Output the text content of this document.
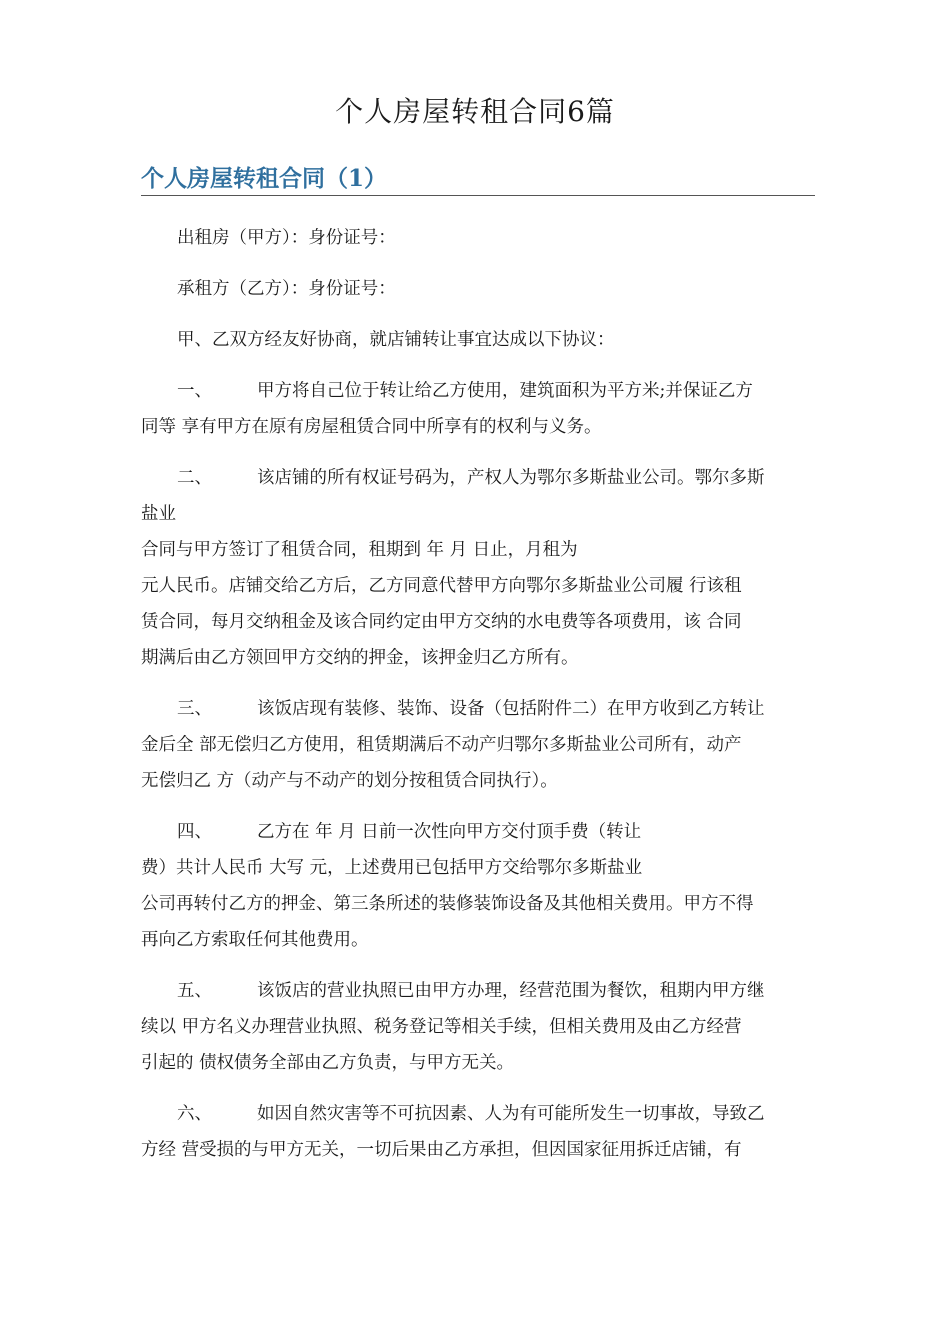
个人房屋转租合同6篇
个人房屋转租合同（1）
出租房（甲方）：身份证号：
承租方（乙方）：身份证号：
甲、乙双方经友好协商，就店铺转让事宜达成以下协议：
一、	甲方将自己位于转让给乙方使用，建筑面积为平方米;并保证乙方
同等 享有甲方在原有房屋租赁合同中所享有的权利与义务。
二、	该店铺的所有权证号码为，产权人为鄂尔多斯盐业公司。鄂尔多斯
盐业
合同与甲方签订了租赁合同，租期到 年 月 日止，月租为
元人民币。店铺交给乙方后，乙方同意代替甲方向鄂尔多斯盐业公司履 行该租
赁合同，每月交纳租金及该合同约定由甲方交纳的水电费等各项费用，该 合同
期满后由乙方领回甲方交纳的押金，该押金归乙方所有。
三、	该饭店现有装修、装饰、设备（包括附件二）在甲方收到乙方转让
金后全 部无偿归乙方使用，租赁期满后不动产归鄂尔多斯盐业公司所有，动产
无偿归乙 方（动产与不动产的划分按租赁合同执行）。
四、	乙方在 年 月 日前一次性向甲方交付顶手费（转让
费）共计人民币 大写 元，上述费用已包括甲方交给鄂尔多斯盐业
公司再转付乙方的押金、第三条所述的装修装饰设备及其他相关费用。甲方不得
再向乙方索取任何其他费用。
五、	该饭店的营业执照已由甲方办理，经营范围为餐饮，租期内甲方继
续以 甲方名义办理营业执照、税务登记等相关手续，但相关费用及由乙方经营
引起的 债权债务全部由乙方负责，与甲方无关。
六、	如因自然灾害等不可抗因素、人为有可能所发生一切事故，导致乙
方经 营受损的与甲方无关，一切后果由乙方承担，但因国家征用拆迁店铺，有
